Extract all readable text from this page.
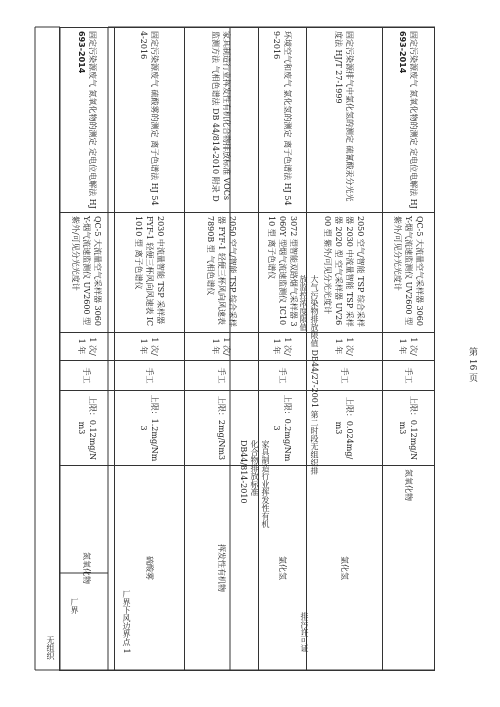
固定污染源废气 氮氧化物的测定 定电位电解法 HJ
693-2014	QC-5 大流量空气采样器 3060Y-烟气流速监测仪 UV2600 型 紫外/可见分光光度计	1 次/1 年	手工	上限：0.12mg/Nm3	氮氧化物
固定污染源排气中氯化氢的测定 硫氰酸汞分光光度法 HJ/T 27-1999	2050 空气/智能 TSP 综合采样器 2030 中流量智能 TSP 采样器 2020 型 空气采样器 UV2600 型 紫外/可见分光光度计	1 次/1 年	手工	上限：0.024mg/m3	氯化氢
环境空气和废气 氯化氢的测定 离子色谱法 HJ 549-2016	3072 型智能双路烟气采样器 3060Y 型烟气流速监测仪 IC1010 型 离子色谱仪	1 次/1 年	手工	上限：0.2mg/Nm3	氯化氢
家具制造行业挥发性有机化合物排放标准 VOCs 监测方法 气相色谱法 DB 44/814-2010 附录 D	2050 空气/智能 TSP 综合采样器 FYF-1 轻便三杯风向风速表 7890B 型 气相色谱仪	1 次/1 年	手工	上限：2mg/Nm3	挥发性有机物
固定污染源废气 硫酸雾的测定 离子色谱法 HJ 544-2016	2030 中流量智能 TSP 采样器 FYF-1 轻便三杯风向风速表 IC1010 型 离子色谱仪	1 次/1 年	手工	上限：1.2mg/Nm3	硫酸雾
固定污染源废气 氮氧化物的测定 定电位电解法 HJ
693-2014	QC-5 大流量空气采样器 3060Y-烟气流速监测仪 UV2600 型 紫外/可见分光光度计	1 次/1 年	手工	上限：0.12mg/Nm3	氮氧化物
家具制造行业挥发性有机化合物排放标准 DB44/814-2010	大气污染物排放限值 DB44/27-2001 第二时段无组织排放监控浓度限值
厂界下风边界点 1
厂界
无组织	排污许可证
第 16 页
